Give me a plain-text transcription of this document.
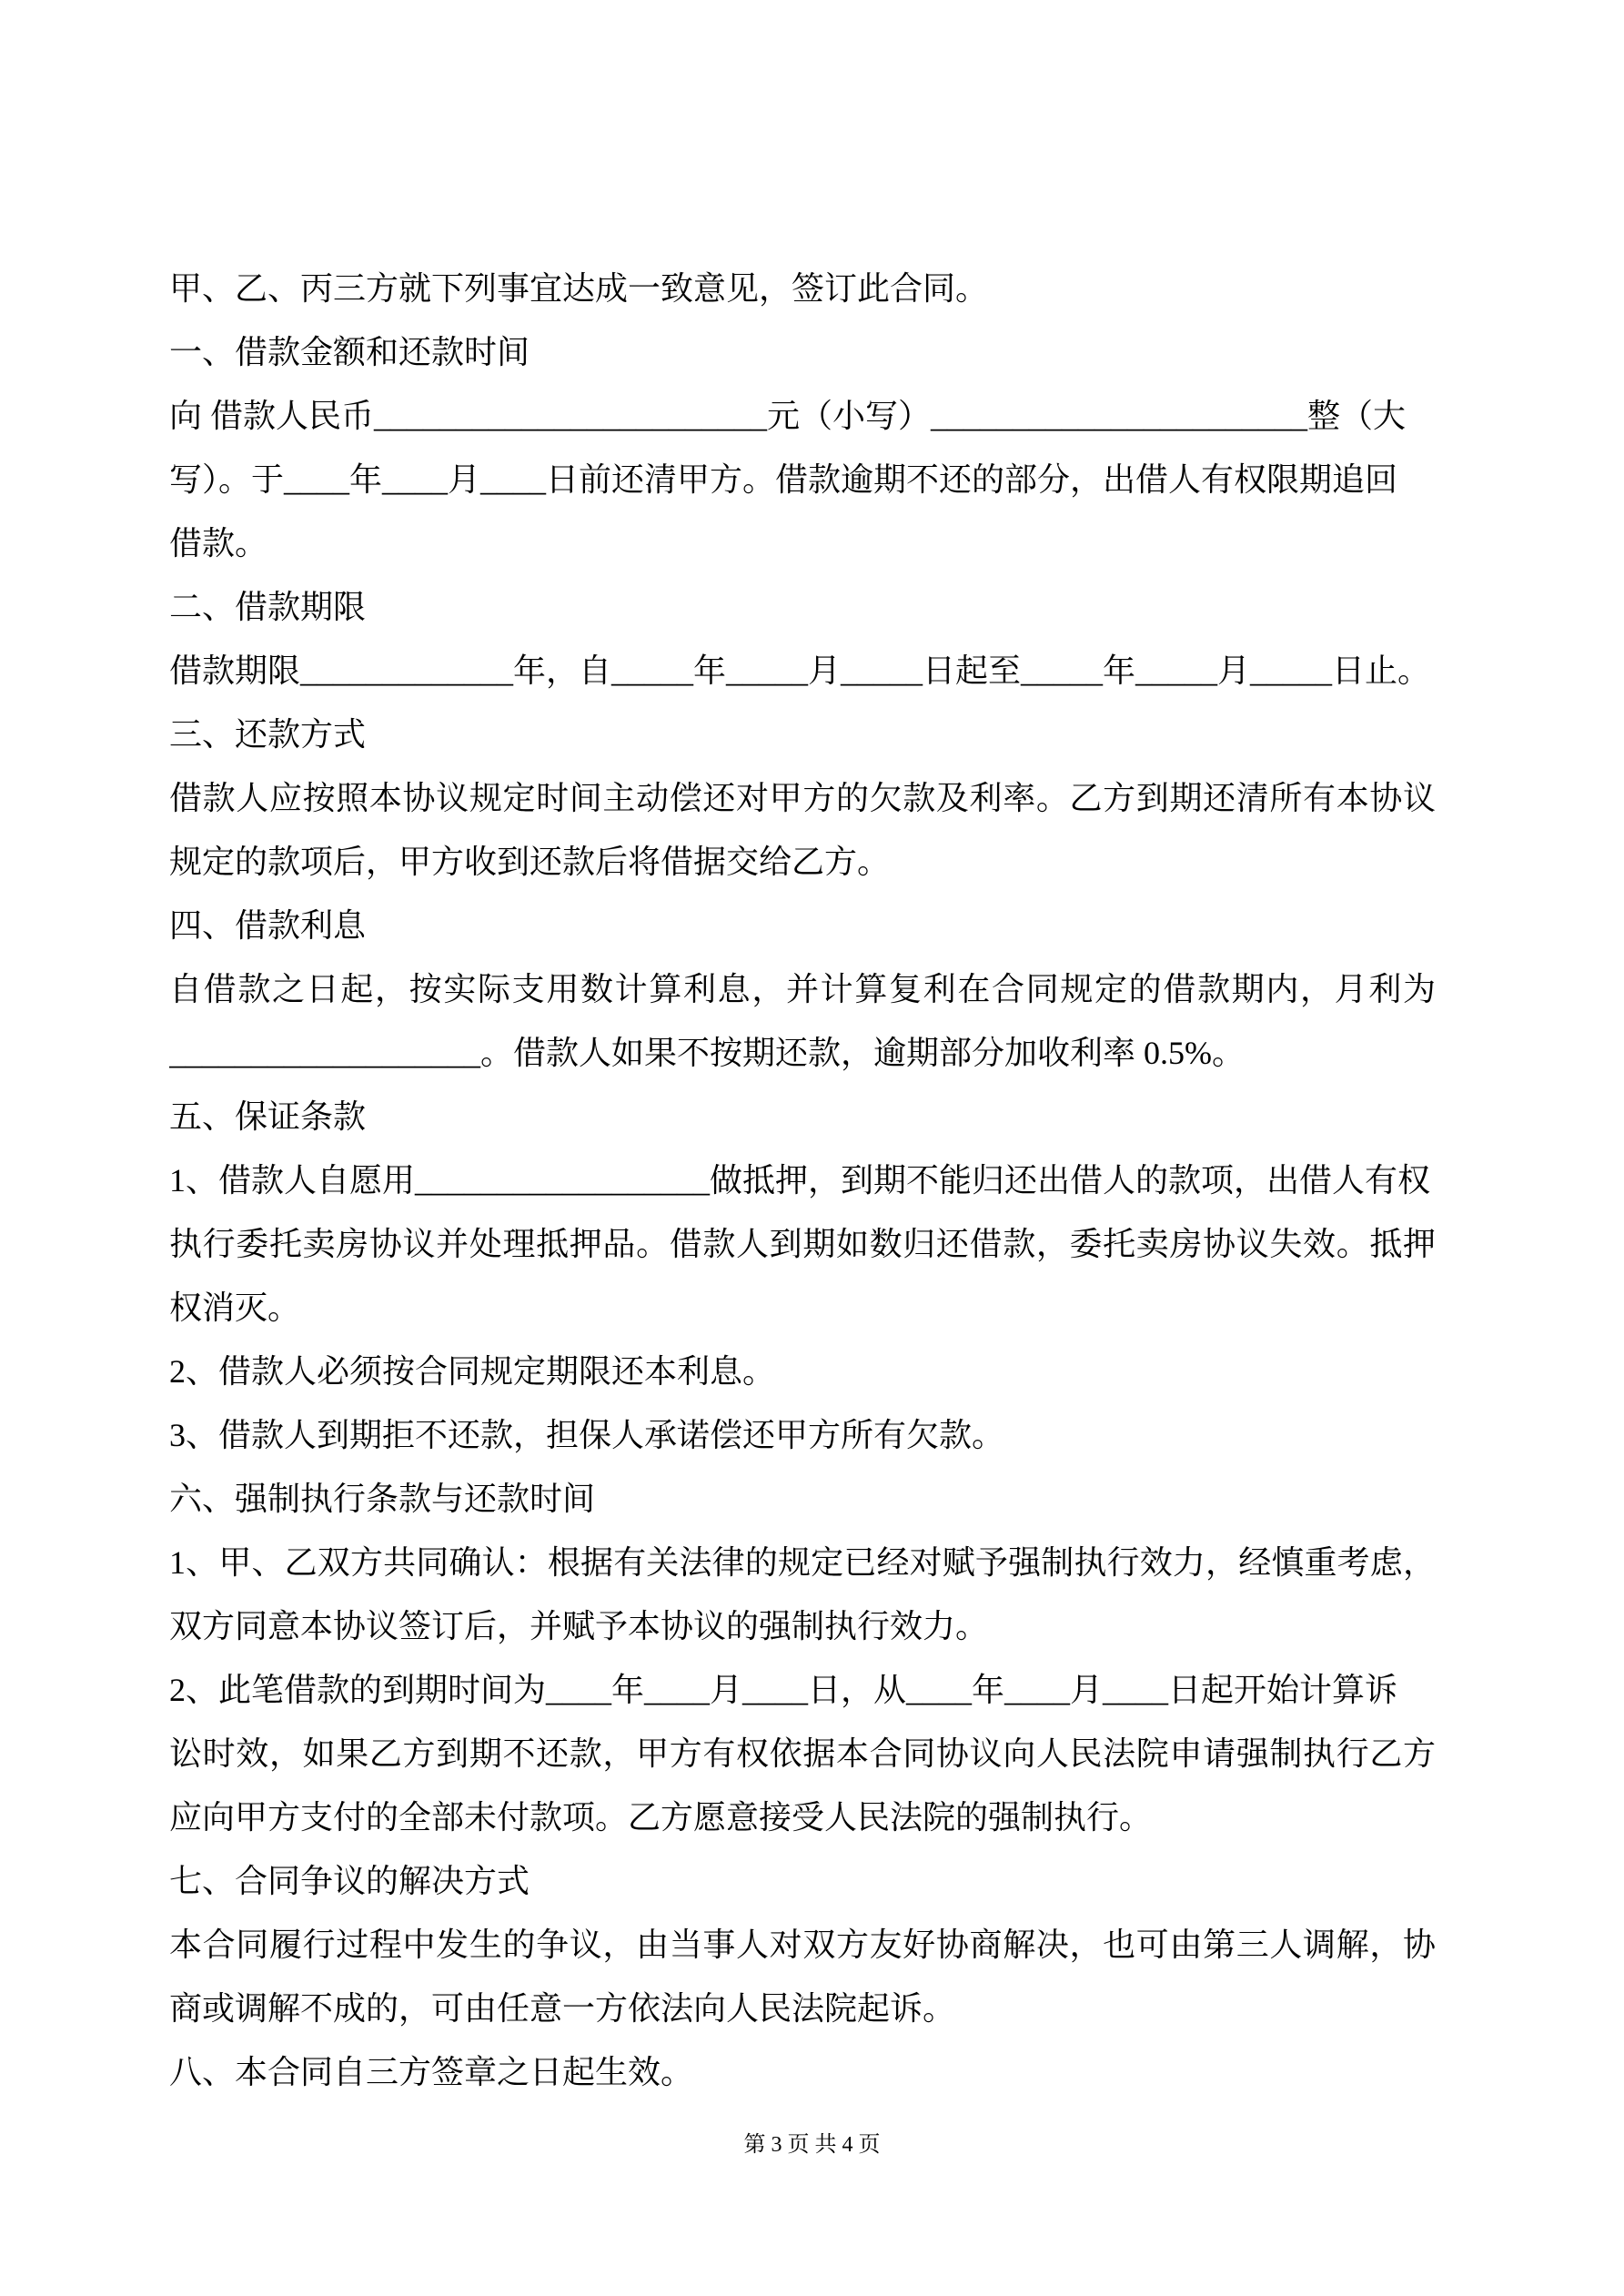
甲、乙、丙三方就下列事宜达成一致意见，签订此合同。
一、借款金额和还款时间
向 借款人民币________________________元（小写）_______________________整（大
写）。于____年____月____日前还清甲方。借款逾期不还的部分，出借人有权限期追回
借款。
二、借款期限
借款期限_____________年，自_____年_____月_____日起至_____年_____月_____日止。
三、还款方式
借款人应按照本协议规定时间主动偿还对甲方的欠款及利率。乙方到期还清所有本协议
规定的款项后，甲方收到还款后将借据交给乙方。
四、借款利息
自借款之日起，按实际支用数计算利息，并计算复利在合同规定的借款期内，月利为
___________________。借款人如果不按期还款，逾期部分加收利率 0.5%。
五、保证条款
1、借款人自愿用__________________做抵押，到期不能归还出借人的款项，出借人有权
执行委托卖房协议并处理抵押品。借款人到期如数归还借款，委托卖房协议失效。抵押
权消灭。
2、借款人必须按合同规定期限还本利息。
3、借款人到期拒不还款，担保人承诺偿还甲方所有欠款。
六、强制执行条款与还款时间
1、甲、乙双方共同确认：根据有关法律的规定已经对赋予强制执行效力，经慎重考虑，
双方同意本协议签订后，并赋予本协议的强制执行效力。
2、此笔借款的到期时间为____年____月____日，从____年____月____日起开始计算诉
讼时效，如果乙方到期不还款，甲方有权依据本合同协议向人民法院申请强制执行乙方
应向甲方支付的全部未付款项。乙方愿意接受人民法院的强制执行。
七、合同争议的解决方式
本合同履行过程中发生的争议，由当事人对双方友好协商解决，也可由第三人调解，协
商或调解不成的，可由任意一方依法向人民法院起诉。
八、本合同自三方签章之日起生效。
第 3 页 共 4 页
